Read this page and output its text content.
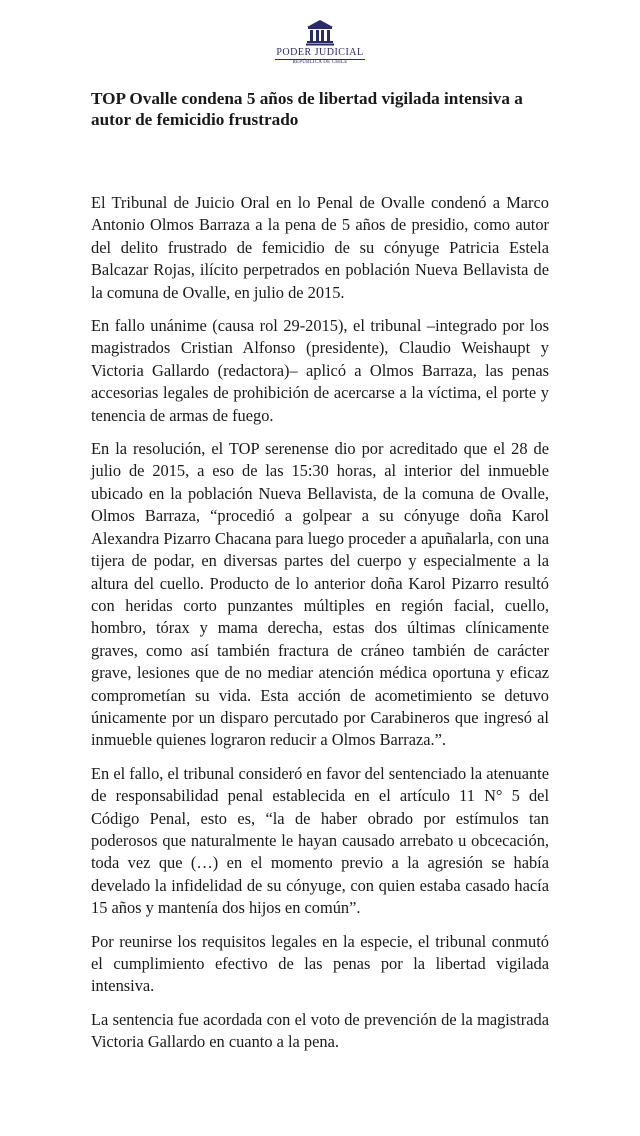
PODER JUDICIAL
REPÚBLICA DE CHILE
TOP Ovalle condena 5 años de libertad vigilada intensiva a autor de femicidio frustrado

El Tribunal de Juicio Oral en lo Penal de Ovalle condenó a Marco Antonio Olmos Barraza a la pena de 5 años de presidio, como autor del delito frustrado de femicidio de su cónyuge Patricia Estela Balcazar Rojas, ilícito perpetrados en población Nueva Bellavista de la comuna de Ovalle, en julio de 2015.

En fallo unánime (causa rol 29-2015), el tribunal –integrado por los magistrados Cristian Alfonso (presidente), Claudio Weishaupt y Victoria Gallardo (redactora)– aplicó a Olmos Barraza, las penas accesorias legales de prohibición de acercarse a la víctima, el porte y tenencia de armas de fuego.

En la resolución, el TOP serenense dio por acreditado que el 28 de julio de 2015, a eso de las 15:30 horas, al interior del inmueble ubicado en la población Nueva Bellavista, de la comuna de Ovalle, Olmos Barraza, “procedió a golpear a su cónyuge doña Karol Alexandra Pizarro Chacana para luego proceder a apuñalarla, con una tijera de podar, en diversas partes del cuerpo y especialmente a la altura del cuello. Producto de lo anterior doña Karol Pizarro resultó con heridas corto punzantes múltiples en región facial, cuello, hombro, tórax y mama derecha, estas dos últimas clínicamente graves, como así también fractura de cráneo también de carácter grave, lesiones que de no mediar atención médica oportuna y eficaz comprometían su vida. Esta acción de acometimiento se detuvo únicamente por un disparo percutado por Carabineros que ingresó al inmueble quienes lograron reducir a Olmos Barraza.”.

En el fallo, el tribunal consideró en favor del sentenciado la atenuante de responsabilidad penal establecida en el artículo 11 N° 5 del Código Penal, esto es, “la de haber obrado por estímulos tan poderosos que naturalmente le hayan causado arrebato u obcecación, toda vez que (…) en el momento previo a la agresión se había develado la infidelidad de su cónyuge, con quien estaba casado hacía 15 años y mantenía dos hijos en común”.

Por reunirse los requisitos legales en la especie, el tribunal conmutó el cumplimiento efectivo de las penas por la libertad vigilada intensiva.

La sentencia fue acordada con el voto de prevención de la magistrada Victoria Gallardo en cuanto a la pena.
